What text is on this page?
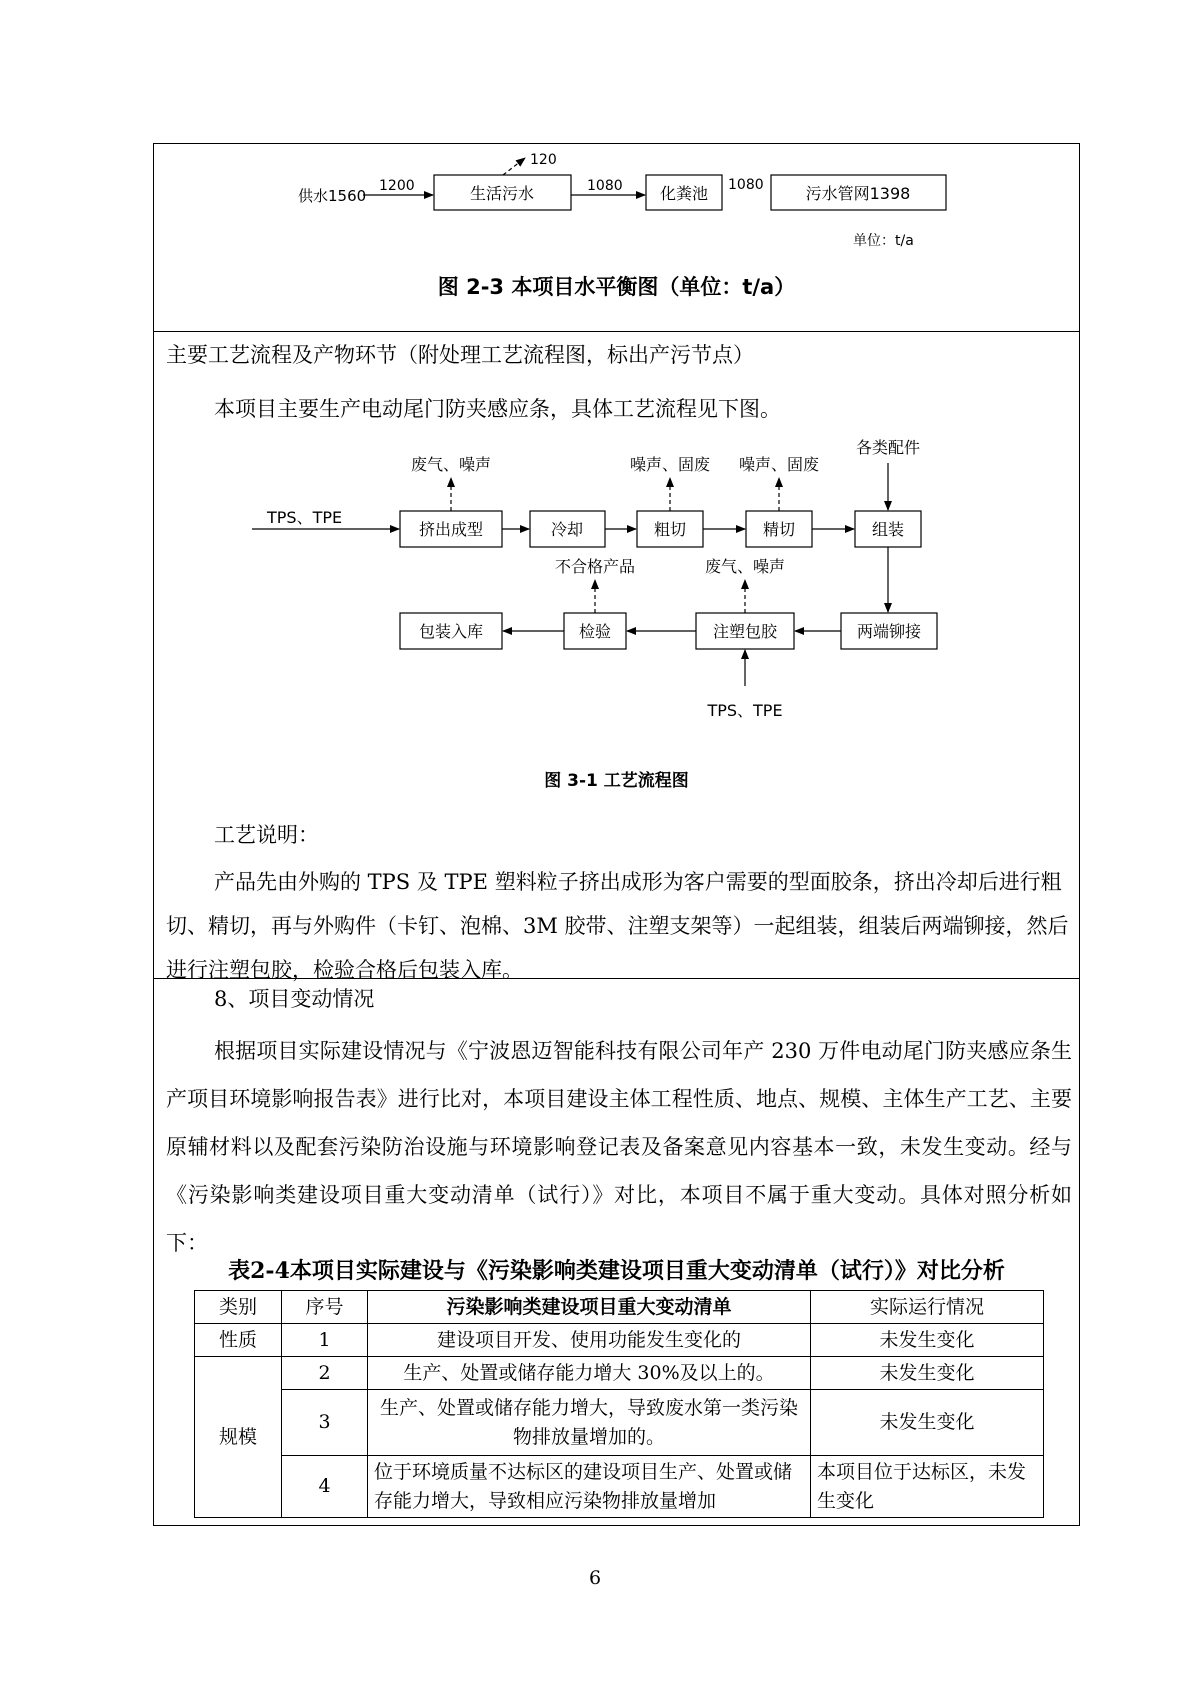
供水1560
1200	生活污水
120
1080 化粪池 1080	污水管网1398
单位：t/a
图 2-3 本项目水平衡图（单位：t/a）
主要工艺流程及产物环节（附处理工艺流程图，标出产污节点）
本项目主要生产电动尾门防夹感应条，具体工艺流程见下图。
挤出成型	冷却	粗切	精切	组装
TPS、TPE
废气、噪声	噪声、固废 噪声、固废
各类配件
两端铆接
注塑包胶
检验
包装入库
不合格产品	废气、噪声
TPS、TPE
图 3-1 工艺流程图
工艺说明：
产品先由外购的 TPS 及 TPE 塑料粒子挤出成形为客户需要的型面胶条，挤出冷却后进行粗切、精切，再与外购件（卡钉、泡棉、3M 胶带、注塑支架等）一起组装，组装后两端铆接，然后进行注塑包胶，检验合格后包装入库。
8、项目变动情况
根据项目实际建设情况与《宁波恩迈智能科技有限公司年产 230 万件电动尾门防夹感应条生产项目环境影响报告表》进行比对，本项目建设主体工程性质、地点、规模、主体生产工艺、主要原辅材料以及配套污染防治设施与环境影响登记表及备案意见内容基本一致，未发生变动。经与《污染影响类建设项目重大变动清单（试行）》对比，本项目不属于重大变动。具体对照分析如下：
表2-4本项目实际建设与《污染影响类建设项目重大变动清单（试行）》对比分析
类别	序号	污染影响类建设项目重大变动清单	实际运行情况
性质	1	建设项目开发、使用功能发生变化的	未发生变化
规模	2	生产、处置或储存能力增大 30%及以上的。	未发生变化
	3	生产、处置或储存能力增大，导致废水第一类污染物排放量增加的。	未发生变化
	4	位于环境质量不达标区的建设项目生产、处置或储存能力增大，导致相应污染物排放量增加	本项目位于达标区，未发生变化
6
